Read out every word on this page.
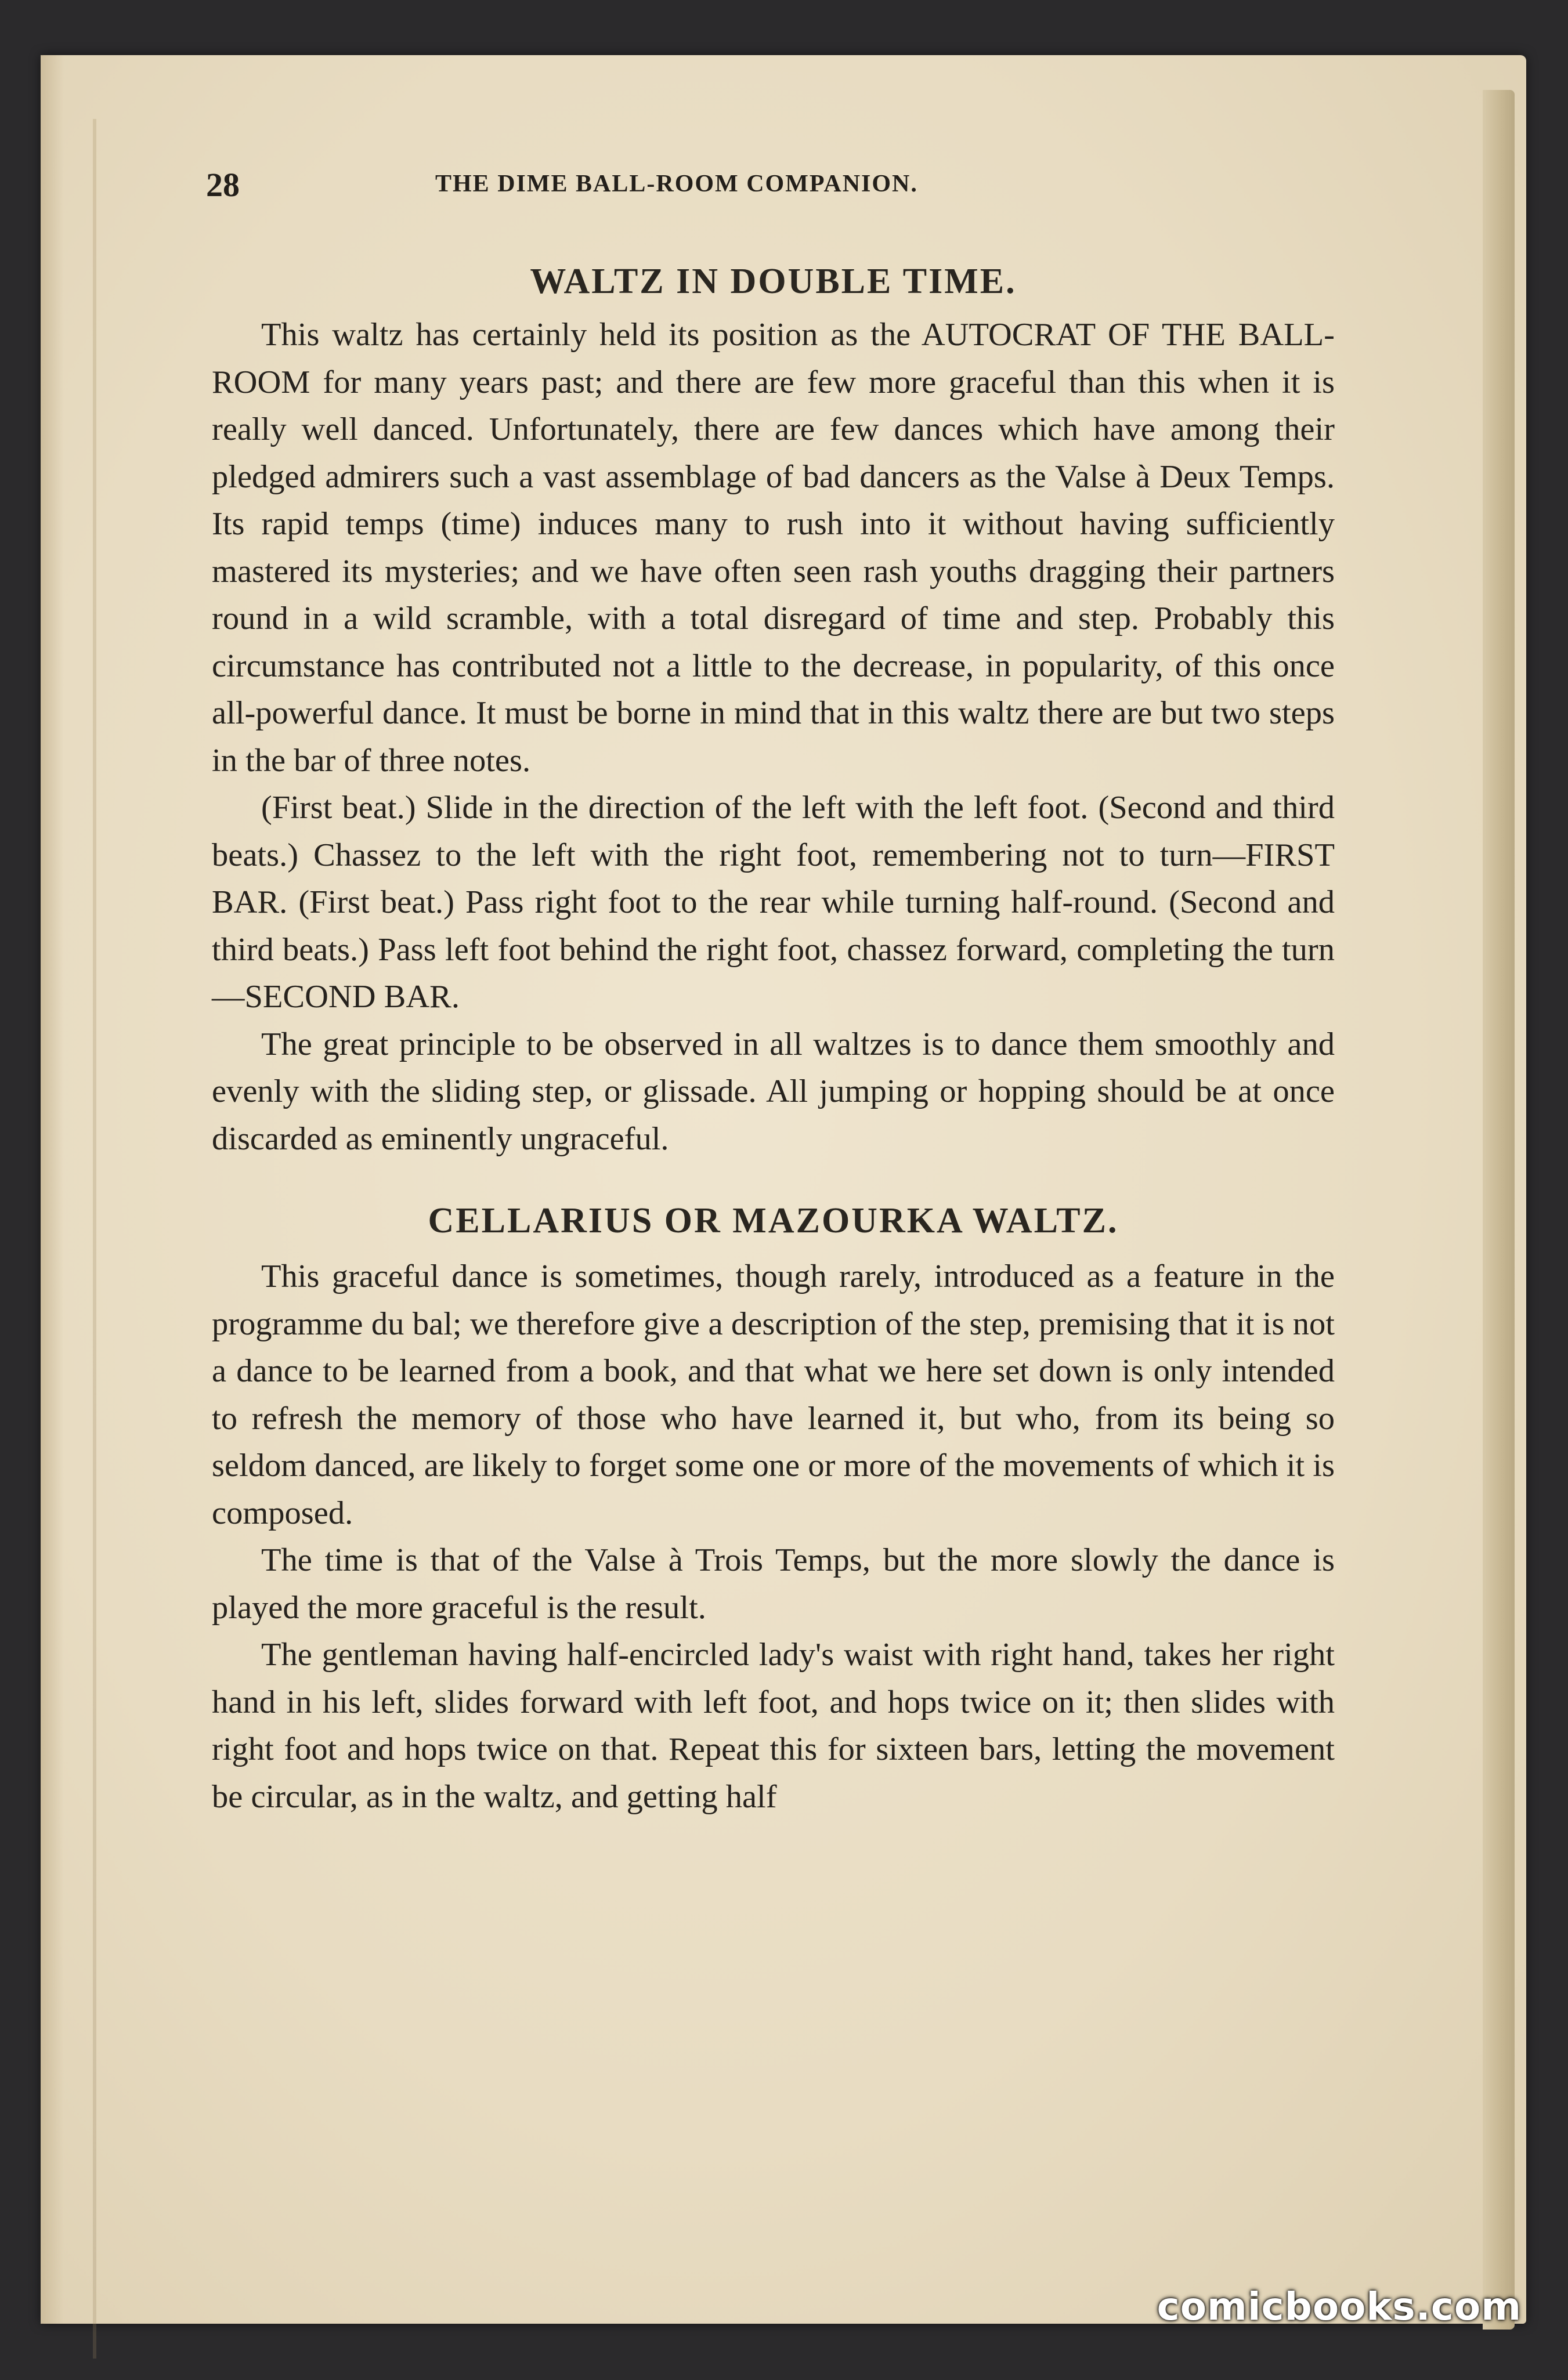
28	THE DIME BALL-ROOM COMPANION.
WALTZ IN DOUBLE TIME.

This waltz has certainly held its position as the AUTOCRAT OF THE BALL-ROOM for many years past; and there are few more graceful than this when it is really well danced. Unfortunately, there are few dances which have among their pledged admirers such a vast assemblage of bad dancers as the Valse à Deux Temps. Its rapid temps (time) induces many to rush into it without having sufficiently mastered its mysteries; and we have often seen rash youths dragging their partners round in a wild scramble, with a total disregard of time and step. Probably this circumstance has contributed not a little to the decrease, in popularity, of this once all-powerful dance. It must be borne in mind that in this waltz there are but two steps in the bar of three notes.

(First beat.) Slide in the direction of the left with the left foot. (Second and third beats.) Chassez to the left with the right foot, remembering not to turn—FIRST BAR. (First beat.) Pass right foot to the rear while turning half-round. (Second and third beats.) Pass left foot behind the right foot, chassez forward, completing the turn—SECOND BAR.

The great principle to be observed in all waltzes is to dance them smoothly and evenly with the sliding step, or glissade. All jumping or hopping should be at once discarded as eminently ungraceful.

CELLARIUS OR MAZOURKA WALTZ.

This graceful dance is sometimes, though rarely, introduced as a feature in the programme du bal; we therefore give a description of the step, premising that it is not a dance to be learned from a book, and that what we here set down is only intended to refresh the memory of those who have learned it, but who, from its being so seldom danced, are likely to forget some one or more of the movements of which it is composed.

The time is that of the Valse à Trois Temps, but the more slowly the dance is played the more graceful is the result.

The gentleman having half-encircled lady's waist with right hand, takes her right hand in his left, slides forward with left foot, and hops twice on it; then slides with right foot and hops twice on that. Repeat this for sixteen bars, letting the movement be circular, as in the waltz, and getting half

comicbooks.com
